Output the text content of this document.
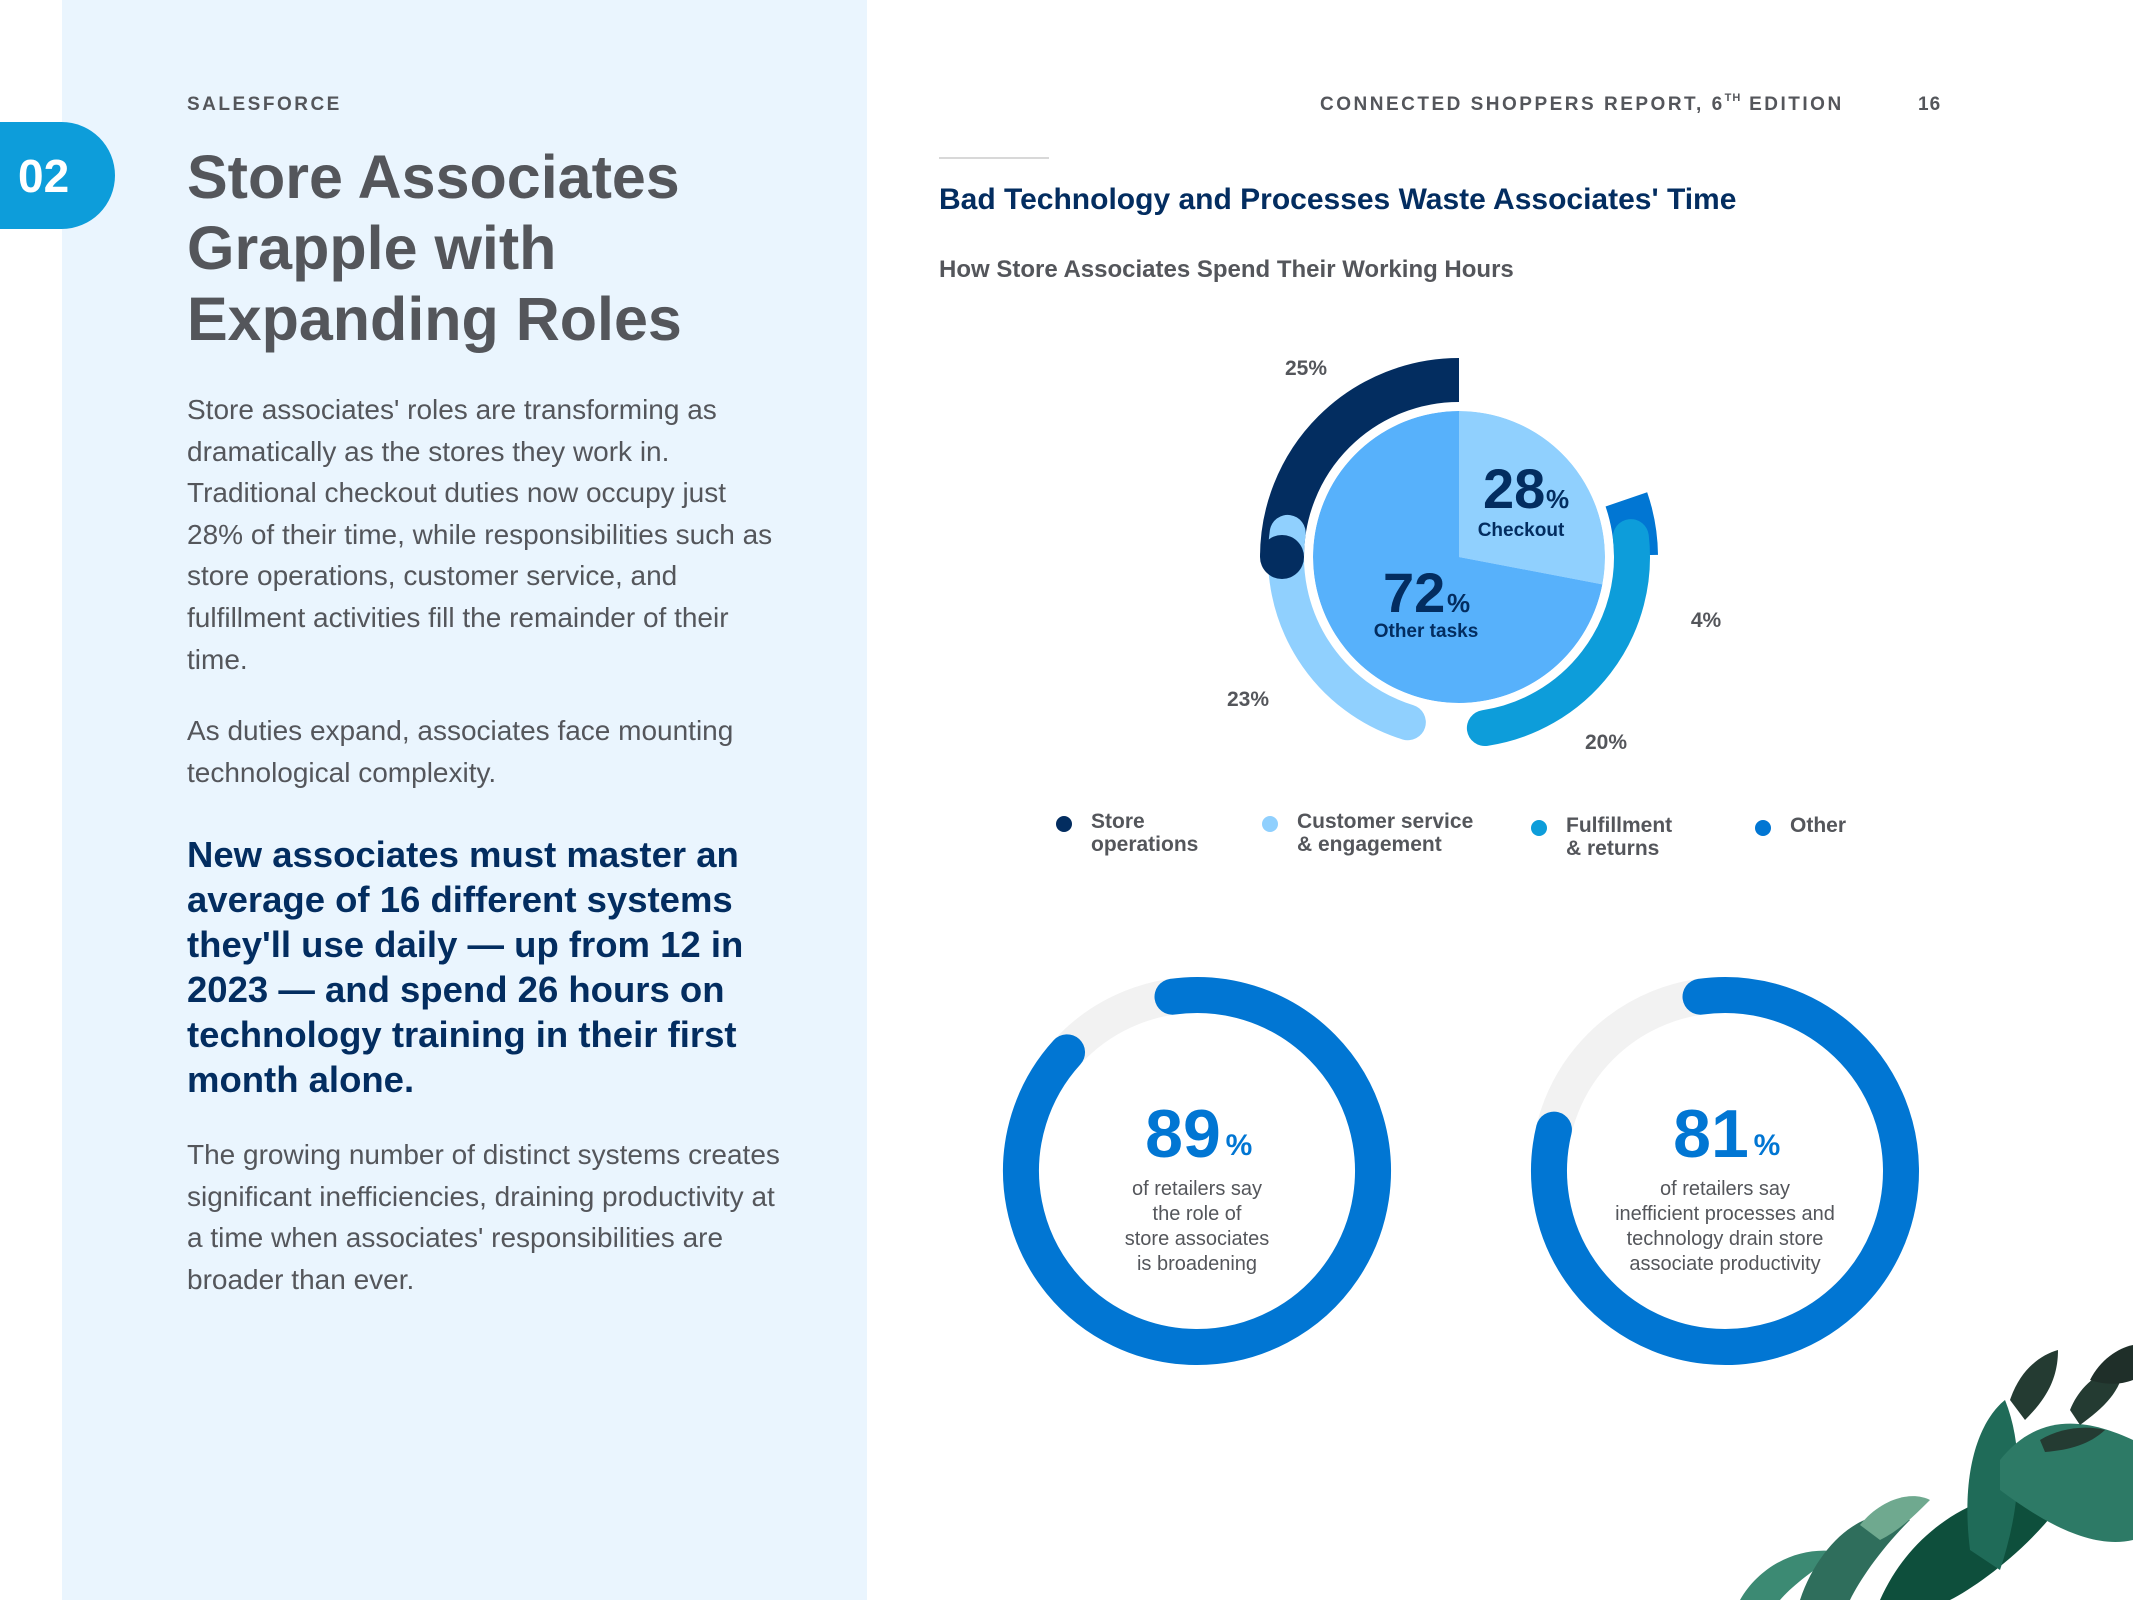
02
SALESFORCE
Store Associates Grapple with Expanding Roles

Store associates' roles are transforming as dramatically as the stores they work in. Traditional checkout duties now occupy just 28% of their time, while responsibilities such as store operations, customer service, and fulfillment activities fill the remainder of their time.

As duties expand, associates face mounting technological complexity.

New associates must master an average of 16 different systems they'll use daily — up from 12 in 2023 — and spend 26 hours on technology training in their first month alone.

The growing number of distinct systems creates significant inefficiencies, draining productivity at a time when associates' responsibilities are broader than ever.

CONNECTED SHOPPERS REPORT, 6TH EDITION	16
Bad Technology and Processes Waste Associates' Time
How Store Associates Spend Their Working Hours
28 %
Checkout
72 %
Other tasks
25%
23%
20%
4%
89 %
of retailers say
the role of
store associates
is broadening
81 %
of retailers say
inefficient processes and
technology drain store
associate productivity
Store
operations
Customer service
& engagement
Fulfillment
& returns
Other
